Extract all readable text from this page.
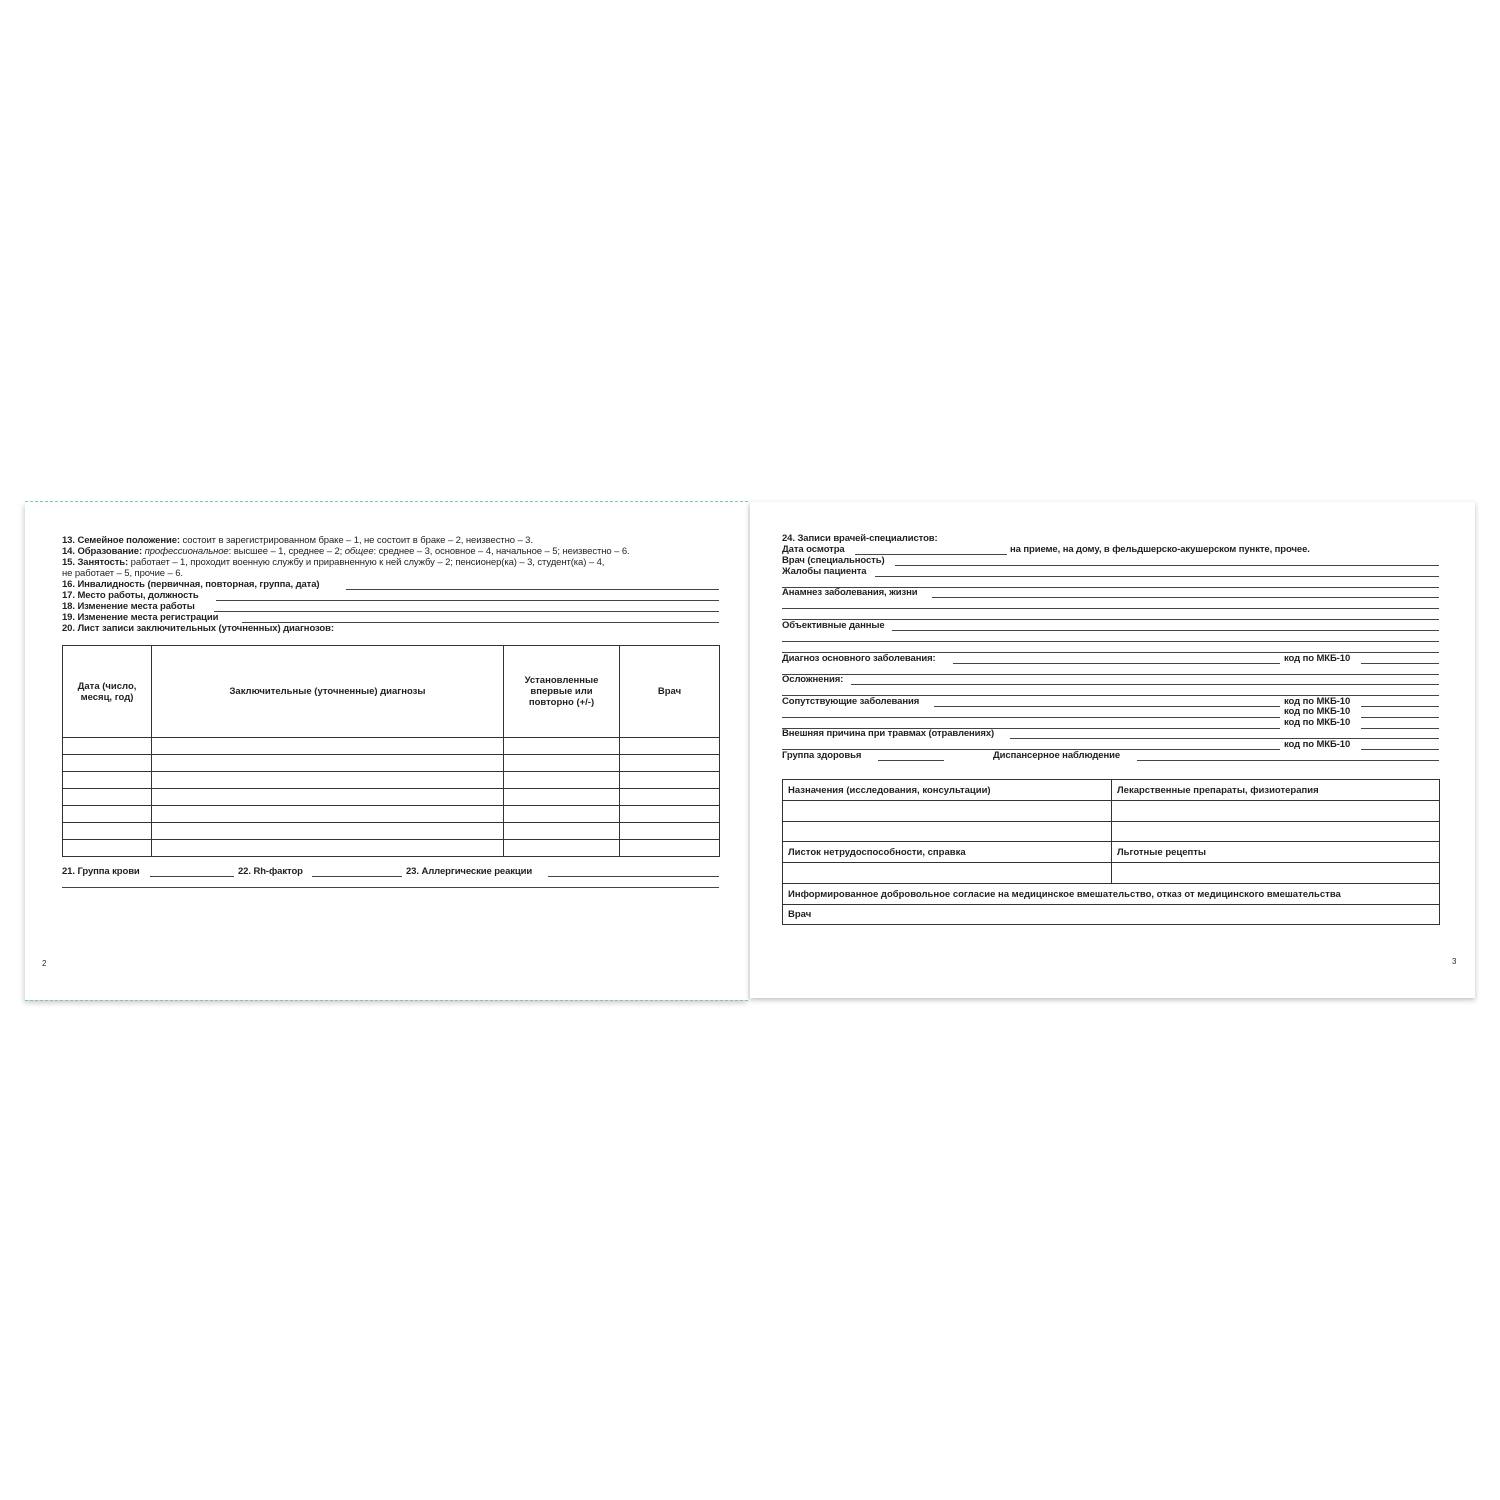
13. Семейное положение: состоит в зарегистрированном браке – 1, не состоит в браке – 2, неизвестно – 3.
14. Образование: профессиональное: высшее – 1, среднее – 2; общее: среднее – 3, основное – 4, начальное – 5; неизвестно – 6.
15. Занятость: работает – 1, проходит военную службу и приравненную к ней службу – 2; пенсионер(ка) – 3, студент(ка) – 4,
не работает – 5, прочие – 6.
16. Инвалидность (первичная, повторная, группа, дата)
17. Место работы, должность
18. Изменение места работы
19. Изменение места регистрации
20. Лист записи заключительных (уточненных) диагнозов:
Дата (число, месяц, год)	Заключительные (уточненные) диагнозы	Установленные впервые или повторно (+/-)	Врач

21. Группа крови	22. Rh-фактор	23. Аллергические реакции
2
24. Записи врачей-специалистов:
Дата осмотра	на приеме, на дому, в фельдшерско-акушерском пункте, прочее.
Врач (специальность)
Жалобы пациента
Анамнез заболевания, жизни
Объективные данные
Диагноз основного заболевания:	код по МКБ-10
Осложнения:
Сопутствующие заболевания	код по МКБ-10
код по МКБ-10
код по МКБ-10
Внешняя причина при травмах (отравлениях)
код по МКБ-10
Группа здоровья	Диспансерное наблюдение
Назначения (исследования, консультации)	Лекарственные препараты, физиотерапия

Листок нетрудоспособности, справка	Льготные рецепты

Информированное добровольное согласие на медицинское вмешательство, отказ от медицинского вмешательства	
Врач	
3
